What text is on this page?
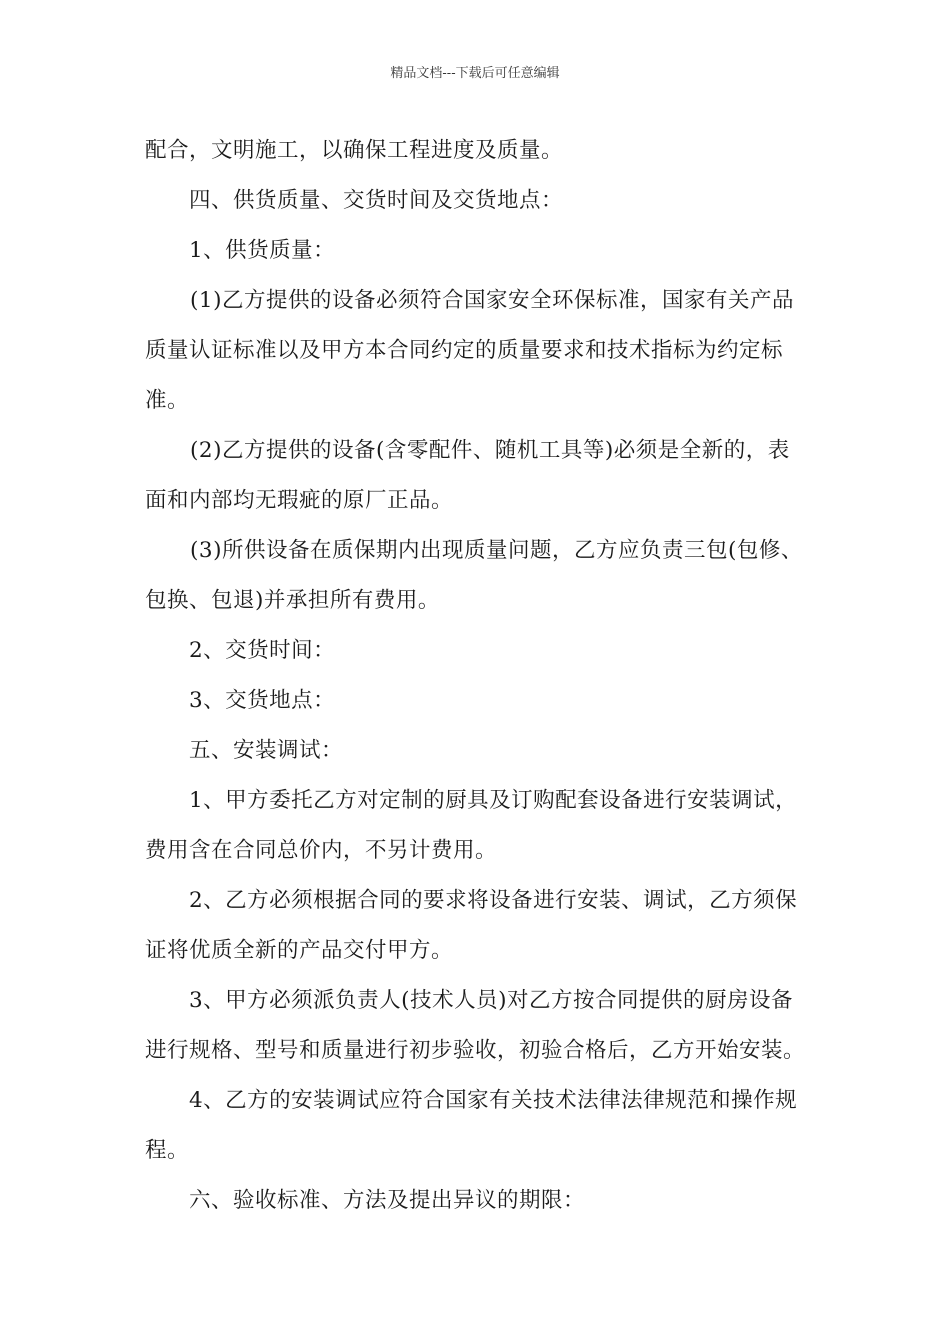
精品文档---下载后可任意编辑
配合，文明施工，以确保工程进度及质量。
四、供货质量、交货时间及交货地点：
1、供货质量：
(1)乙方提供的设备必须符合国家安全环保标准，国家有关产品
质量认证标准以及甲方本合同约定的质量要求和技术指标为约定标
准。
(2)乙方提供的设备(含零配件、随机工具等)必须是全新的，表
面和内部均无瑕疵的原厂正品。
(3)所供设备在质保期内出现质量问题，乙方应负责三包(包修、
包换、包退)并承担所有费用。
2、交货时间：
3、交货地点：
五、安装调试：
1、甲方委托乙方对定制的厨具及订购配套设备进行安装调试，
费用含在合同总价内，不另计费用。
2、乙方必须根据合同的要求将设备进行安装、调试，乙方须保
证将优质全新的产品交付甲方。
3、甲方必须派负责人(技术人员)对乙方按合同提供的厨房设备
进行规格、型号和质量进行初步验收，初验合格后，乙方开始安装。
4、乙方的安装调试应符合国家有关技术法律法律规范和操作规
程。
六、验收标准、方法及提出异议的期限：
